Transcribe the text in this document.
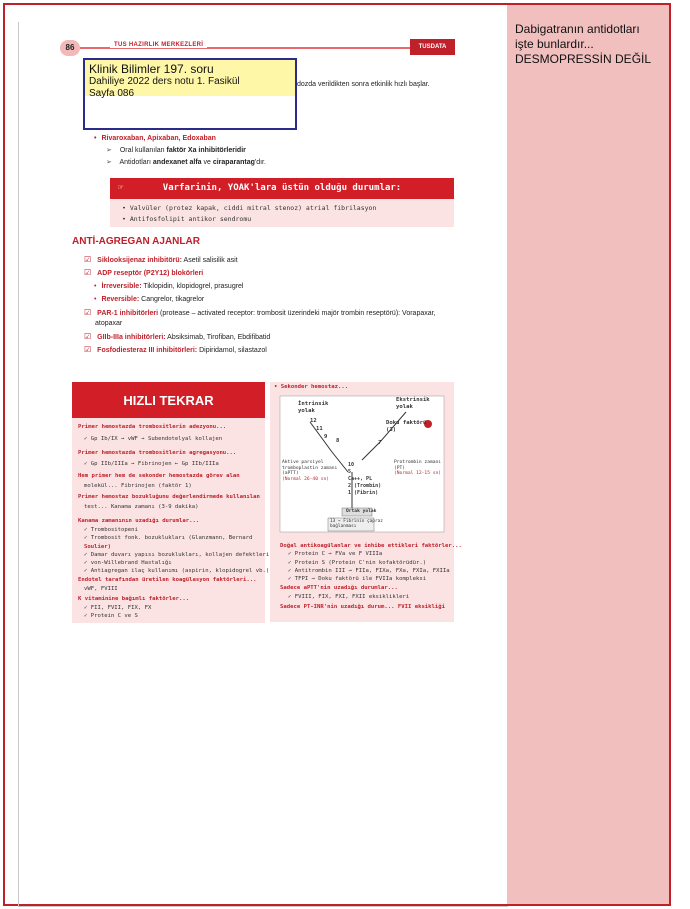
Dabigatranın antidotları
işte bunlardır...
DESMOPRESSİN DEĞİL
86	TUS HAZIRLIK MERKEZLERİ	TUSDATA
Klinik Bilimler 197. soru
Dahiliye 2022 ders notu 1. Fasikül
Sayfa 086
dozda verildikten sonra etkinlik hızlı başlar.
•
➢
➢
• Rivaroxaban, Apixaban, Edoxaban
➢ Oral kullanılan faktör Xa inhibitörleridir
➢ Antidotları andexanet alfa ve ciraparantag'dır.
☞	Varfarinin, YOAK'lara üstün olduğu durumlar:
• Valvüler (protez kapak, ciddi mitral stenoz) atrial fibrilasyon
• Antifosfolipit antikor sendromu
ANTİ-AGREGAN AJANLAR
☑ Siklooksijenaz inhibitörü: Asetil salisilik asit
☑ ADP reseptör (P2Y12) blokörleri
• İrreversible: Tiklopidin, klopidogrel, prasugrel
• Reversible: Cangrelor, tikagrelor
☑ PAR-1 inhibitörleri (protease – activated receptor: trombosit üzerindeki majör trombin reseptörü): Vorapaxar,
atopaxar
☑ GIIb-IIIa inhibitörleri: Absiksimab, Tirofiban, Ebdifibatid
☑ Fosfodiesteraz III inhibitörleri: Dipiridamol, silastazol
HIZLI TEKRAR
Primer hemostazda trombositlerin adezyonu...
✓ Gp Ib/IX → vWF → Subendotelyal kollajen
Primer hemostazda trombositlerin agregasyonu...
✓ Gp IIb/IIIa → Fibrinojen ← Gp IIb/IIIa
Hem primer hem de sekonder hemostazda görev alan
molekül... Fibrinojen (faktör 1)
Primer hemostaz bozukluğunu değerlendirmede kullanılan
test... Kanama zamanı (3-9 dakika)
Kanama zamanının uzadığı durumlar...
✓ Trombositopeni
✓ Trombosit fonk. bozuklukları (Glanzmann, Bernard
Soulier)
✓ Damar duvarı yapısı bozuklukları, kollajen defektleri
✓ von-Willebrand Hastalığı
✓ Antiagregan ilaç kullanımı (aspirin, klopidogrel vb.)
Endotel tarafından üretilen koagülasyon faktörleri...
vWF, FVIII
K vitaminine bağımlı faktörler...
✓ FII, FVII, FIX, FX
✓ Protein C ve S
• Sekonder hemostaz...
İntrinsik
yolak
Ekstrinsik
yolak
12
11
9
8	7
Doku faktörü
(3)
Aktive parsiyel
tromboplastin zamanı
(aPTT)
(Normal 26-40 sn)
Protrombin zamanı
(PT)
(Normal 12-15 sn)
10
5
Ca++, PL
2 (Trombin)
1 (Fibrin)
Ortak yolak
13 → Fibrinin çapraz
bağlanması
Doğal antikoagülanlar ve inhibe ettikleri faktörler...
✓ Protein C → FVa ve F VIIIa
✓ Protein S (Protein C'nin kofaktörüdür.)
✓ Antitrombin III → FIIa, FIXa, FXa, FXIa, FXIIa
✓ TFPI → Doku faktörü ile FVIIa kompleksi
Sadece aPTT'nin uzadığı durumlar...
✓ FVIII, FIX, FXI, FXII eksiklikleri
Sadece PT-INR'nin uzadığı durum... FVII eksikliği
